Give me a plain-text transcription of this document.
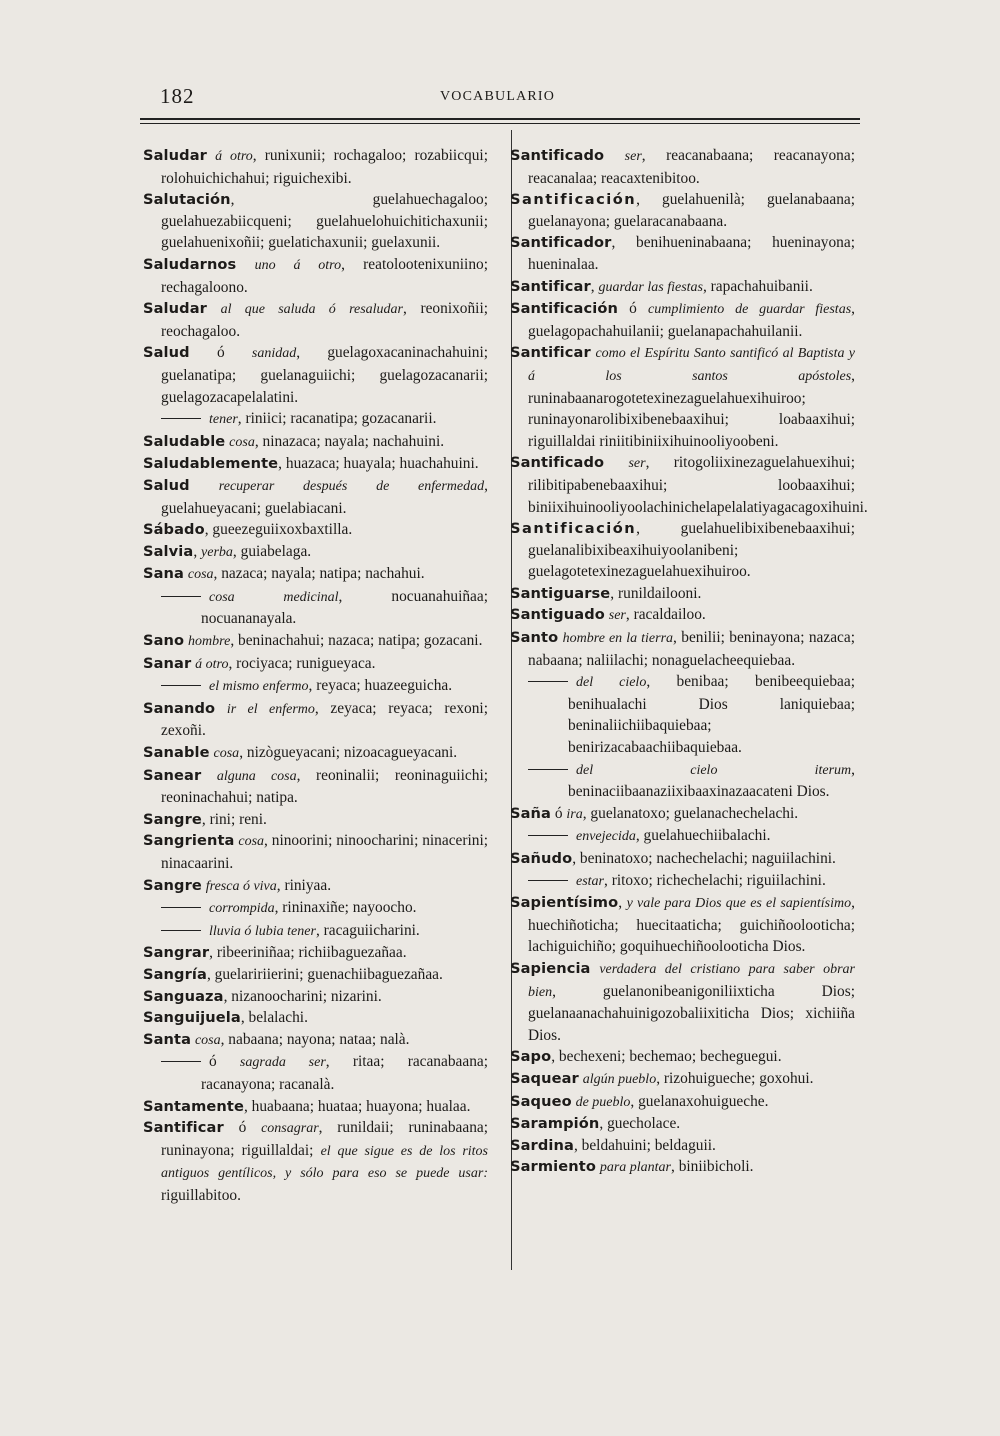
182	VOCABULARIO

Saludar á otro, runixunii; rochagaloo; rozabiicqui; rolohuichichahui; riguichexibi.

Salutación, guelahuechagaloo; guelahuezabiicqueni; guelahuelohuichitichaxunii; guelahuenixoñii; guelatichaxunii; guelaxunii.

Saludarnos uno á otro, reatolootenixuniino; rechagaloono.

Saludar al que saluda ó resaludar, reonixoñii; reochagaloo.

Salud ó sanidad, guelagoxacaninachahuini; guelanatipa; guelanaguiichi; guelagozacanarii; guelagozacapelalatini.

tener, riniici; racanatipa; gozacanarii.

Saludable cosa, ninazaca; nayala; nachahuini.

Saludablemente, huazaca; huayala; huachahuini.

Salud recuperar después de enfermedad, guelahueyacani; guelabiacani.

Sábado, gueezeguiixoxbaxtilla.

Salvia, yerba, guiabelaga.

Sana cosa, nazaca; nayala; natipa; nachahui.

cosa medicinal, nocuanahuiñaa; nocuananayala.

Sano hombre, beninachahui; nazaca; natipa; gozacani.

Sanar á otro, rociyaca; runigueyaca.

el mismo enfermo, reyaca; huazeeguicha.

Sanando ir el enfermo, zeyaca; reyaca; rexoni; zexoñi.

Sanable cosa, nizògueyacani; nizoacagueyacani.

Sanear alguna cosa, reoninalii; reoninaguiichi; reoninachahui; natipa.

Sangre, rini; reni.

Sangrienta cosa, ninoorini; ninoocharini; ninacerini; ninacaarini.

Sangre fresca ó viva, riniyaa.

corrompida, rininaxiñe; nayoocho.

lluvia ó lubia tener, racaguiicharini.

Sangrar, ribeeriniñaa; richiibaguezañaa.

Sangría, guelaririierini; guenachiibaguezañaa.

Sanguaza, nizanoocharini; nizarini.

Sanguijuela, belalachi.

Santa cosa, nabaana; nayona; nataa; nalà.

ó sagrada ser, ritaa; racanabaana; racanayona; racanalà.

Santamente, huabaana; huataa; huayona; hualaa.

Santificar ó consagrar, runildaii; runinabaana; runinayona; riguillaldai; el que sigue es de los ritos antiguos gentílicos, y sólo para eso se puede usar: riguillabitoo.

Santificado ser, reacanabaana; reacanayona; reacanalaa; reacaxtenibitoo.

Santificación, guelahuenilà; guelanabaana; guelanayona; guelaracanabaana.

Santificador, benihueninabaana; hueninayona; hueninalaa.

Santificar, guardar las fiestas, rapachahuibanii.

Santificación ó cumplimiento de guardar fiestas, guelagopachahuilanii; guelanapachahuilanii.

Santificar como el Espíritu Santo santificó al Baptista y á los santos apóstoles, runinabaanarogotetexinezaguelahuexihuiroo; runinayonarolibixibenebaaxihui; loabaaxihui; riguillaldai riniitibiniixihuinooliyoobeni.

Santificado ser, ritogoliixinezaguelahuexihui; rilibitipabenebaaxihui; loobaaxihui; biniixihuinooliyoolachinichelapelalatiyagacagoxihuini.

Santificación, guelahuelibixibenebaaxihui; guelanalibixibeaxihuiyoolanibeni; guelagotetexinezaguelahuexihuiroo.

Santiguarse, runildailooni.

Santiguado ser, racaldailoo.

Santo hombre en la tierra, benilii; beninayona; nazaca; nabaana; naliilachi; nonaguelacheequiebaa.

del cielo, benibaa; benibeequiebaa; benihualachi Dios laniquiebaa; beninaliichiibaquiebaa; benirizacabaachiibaquiebaa.

del cielo iterum, beninaciibaanaziixibaaxinazaacateni Dios.

Saña ó ira, guelanatoxo; guelanachechelachi.

envejecida, guelahuechiibalachi.

Sañudo, beninatoxo; nachechelachi; naguiilachini.

estar, ritoxo; richechelachi; riguiilachini.

Sapientísimo, y vale para Dios que es el sapientísimo, huechiñoticha; huecitaaticha; guichiñoolooticha; lachiguichiño; goquihuechiñoolooticha Dios.

Sapiencia verdadera del cristiano para saber obrar bien, guelanonibeanigoniliixticha Dios; guelanaanachahuinigozobaliixiticha Dios; xichiiña Dios.

Sapo, bechexeni; bechemao; becheguegui.

Saquear algún pueblo, rizohuigueche; goxohui.

Saqueo de pueblo, guelanaxohuigueche.

Sarampión, guecholace.

Sardina, beldahuini; beldaguii.

Sarmiento para plantar, biniibicholi.
